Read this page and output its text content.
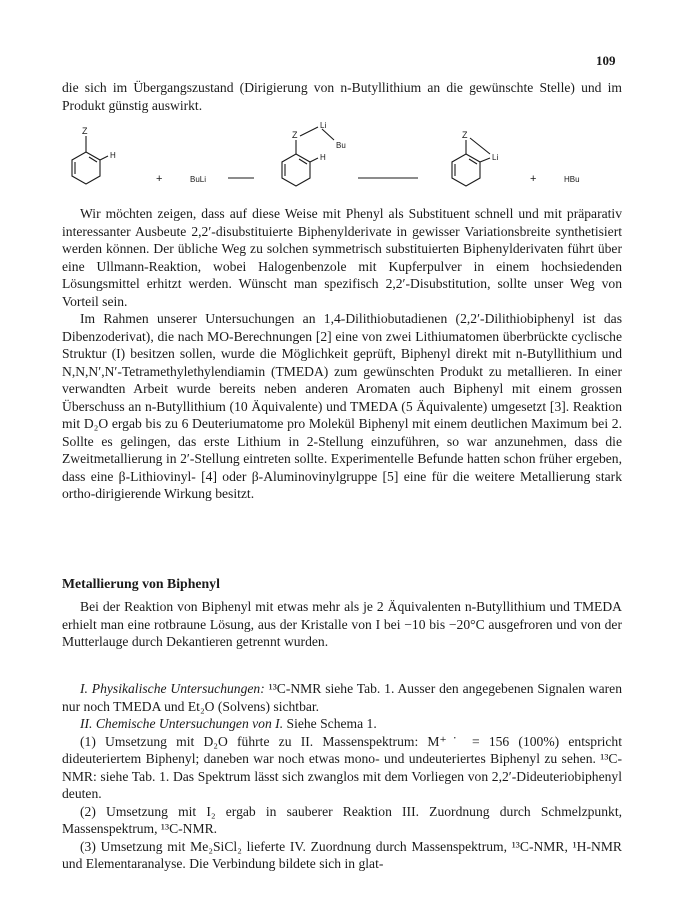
109

die sich im Übergangszustand (Dirigierung von n-Butyllithium an die gewünschte Stelle) und im Produkt günstig auswirkt.

Z
H
+	BuLi
Li
Bu
Z
H
Z
Li
+	HBu

Wir möchten zeigen, dass auf diese Weise mit Phenyl als Substituent schnell und mit präparativ interessanter Ausbeute 2,2′-disubstituierte Biphenylderivate in gewisser Variationsbreite synthetisiert werden können. Der übliche Weg zu solchen symmetrisch substituierten Biphenylderivaten führt über eine Ullmann-Reaktion, wobei Halogenbenzole mit Kupferpulver in einem hochsiedenden Lösungsmittel erhitzt werden. Wünscht man spezifisch 2,2′-Disubstitution, sollte unser Weg von Vorteil sein.

Im Rahmen unserer Untersuchungen an 1,4-Dilithiobutadienen (2,2′-Dilithiobiphenyl ist das Dibenzoderivat), die nach MO-Berechnungen [2] eine von zwei Lithiumatomen überbrückte cyclische Struktur (I) besitzen sollen, wurde die Möglichkeit geprüft, Biphenyl direkt mit n-Butyllithium und N,N,N′,N′-Tetramethylethylendiamin (TMEDA) zum gewünschten Produkt zu metallieren. In einer verwandten Arbeit wurde bereits neben anderen Aromaten auch Biphenyl mit einem grossen Überschuss an n-Butyllithium (10 Äquivalente) und TMEDA (5 Äquivalente) umgesetzt [3]. Reaktion mit D₂O ergab bis zu 6 Deuteriumatome pro Molekül Biphenyl mit einem deutlichen Maximum bei 2. Sollte es gelingen, das erste Lithium in 2-Stellung einzuführen, so war anzunehmen, dass die Zweitmetallierung in 2′-Stellung eintreten sollte. Experimentelle Befunde hatten schon früher ergeben, dass eine β-Lithiovinyl- [4] oder β-Aluminovinylgruppe [5] eine für die weitere Metallierung stark ortho-dirigierende Wirkung besitzt.

Metallierung von Biphenyl

Bei der Reaktion von Biphenyl mit etwas mehr als je 2 Äquivalenten n-Butyllithium und TMEDA erhielt man eine rotbraune Lösung, aus der Kristalle von I bei −10 bis −20°C ausgefroren und von der Mutterlauge durch Dekantieren getrennt wurden.

I. Physikalische Untersuchungen: ¹³C-NMR siehe Tab. 1. Ausser den angegebenen Signalen waren nur noch TMEDA und Et₂O (Solvens) sichtbar.

II. Chemische Untersuchungen von I. Siehe Schema 1.

(1) Umsetzung mit D₂O führte zu II. Massenspektrum: M⁺˙ = 156 (100%) entspricht dideuteriertem Biphenyl; daneben war noch etwas mono- und undeuteriertes Biphenyl zu sehen. ¹³C-NMR: siehe Tab. 1. Das Spektrum lässt sich zwanglos mit dem Vorliegen von 2,2′-Dideuteriobiphenyl deuten.

(2) Umsetzung mit I₂ ergab in sauberer Reaktion III. Zuordnung durch Schmelzpunkt, Massenspektrum, ¹³C-NMR.

(3) Umsetzung mit Me₂SiCl₂ lieferte IV. Zuordnung durch Massenspektrum, ¹³C-NMR, ¹H-NMR und Elementaranalyse. Die Verbindung bildete sich in glat-
